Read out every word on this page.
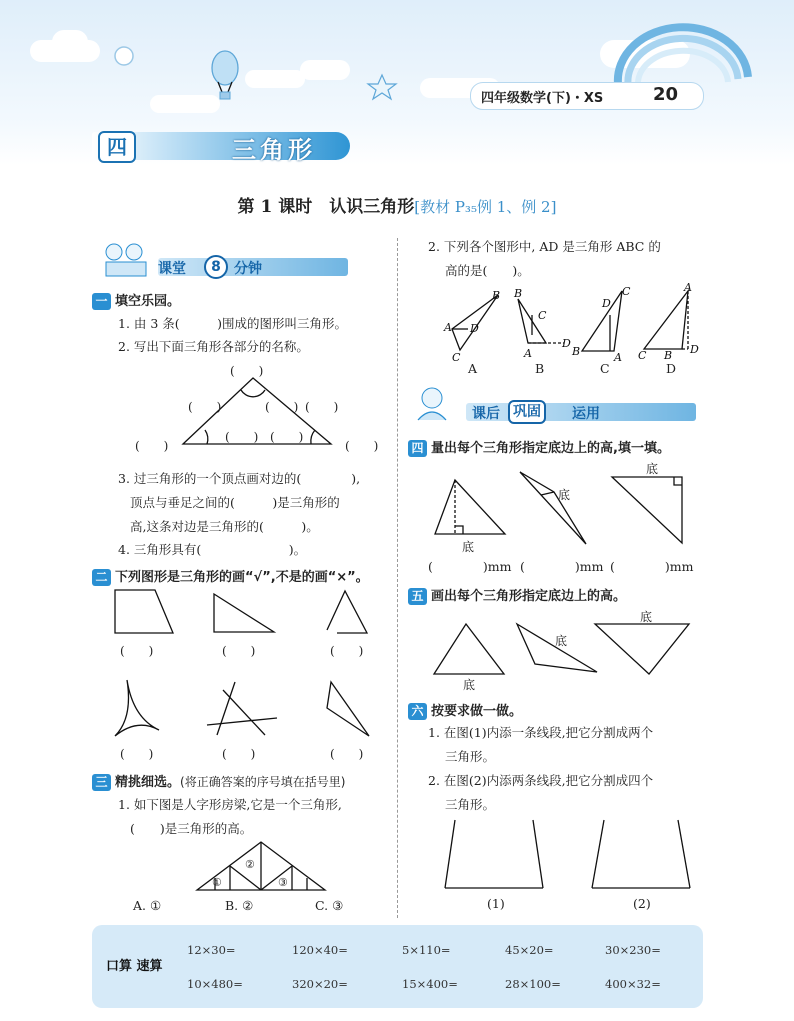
四年级数学(下)・XS	20
四	三角形
第 1 课时　认识三角形[教材 P₃₅例 1、例 2]
课堂	8 分钟
一 填空乐园。
1. 由 3 条(　　　)围成的图形叫三角形。
2. 写出下面三角形各部分的名称。
(　　)
(　　)	(　　)
(　　)
(　　) (　　)
(　　)	(　　)
3. 过三角形的一个顶点画对边的(　　　　),
顶点与垂足之间的(　　　)是三角形的
高,这条对边是三角形的(　　　)。
4. 三角形具有(　　　　　　　)。
二 下列图形是三角形的画“√”,不是的画“×”。
(　　)	(　　)	(　　)
(　　)	(　　)	(　　)
三 精挑细选。(将正确答案的序号填在括号里)
1. 如下图是人字形房梁,它是一个三角形,
(　　)是三角形的高。
①
②
③
A. ①	B. ②	C. ③
2. 下列各个图形中, AD 是三角形 ABC 的
高的是(　　)。
B
A
C
D
B
C
A
D
C
D
B	A
A
C B D
A	B	C	D
课后 巩固	运用
四 量出每个三角形指定底边上的高,填一填。
底
底
底
(　　　　)mm (　　　　)mm (　　　　)mm
五 画出每个三角形指定底边上的高。
底
底
底
六 按要求做一做。
1. 在图(1)内添一条线段,把它分割成两个
三角形。
2. 在图(2)内添两条线段,把它分割成四个
三角形。
(1)	(2)
口算 速算
12×30=	120×40=	5×110=	45×20=	30×230=
10×480=	320×20=	15×400=	28×100=	400×32=
